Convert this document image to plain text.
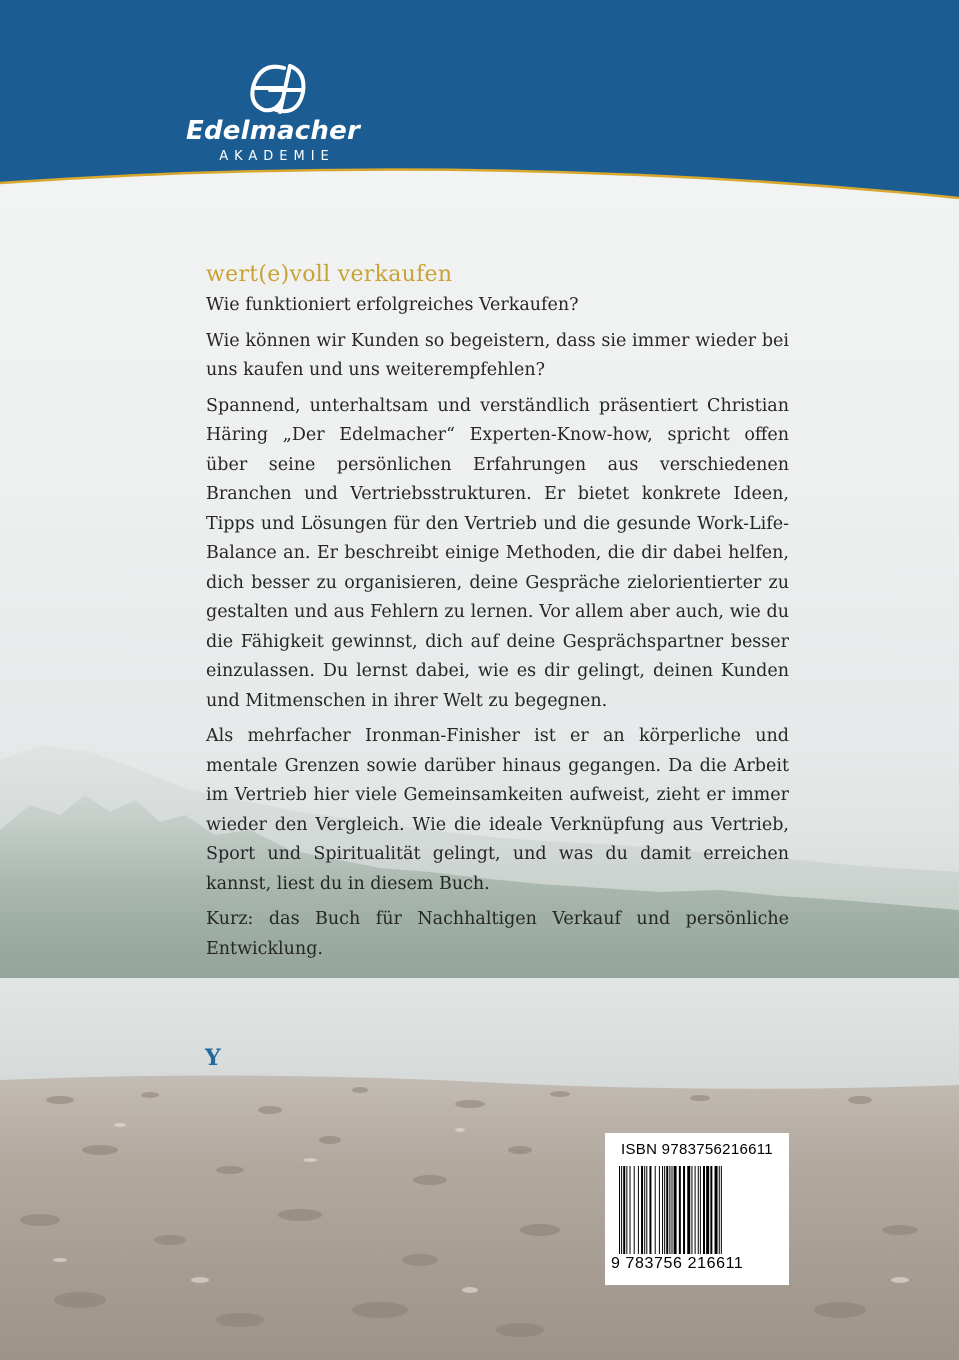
Edelmacher
AKADEMIE
wert(e)voll verkaufen

Wie funktioniert erfolgreiches Verkaufen?

Wie können wir Kunden so begeistern, dass sie immer wieder bei uns kaufen und uns weiterempfehlen?

Spannend, unterhaltsam und verständlich präsentiert Christian Häring „Der Edelmacher“ Experten-Know-how, spricht offen über seine persönlichen Erfahrungen aus verschiedenen Branchen und Vertriebsstrukturen. Er bietet konkrete Ideen, Tipps und Lösungen für den Vertrieb und die gesunde Work-Life-Balance an. Er beschreibt einige Methoden, die dir dabei helfen, dich besser zu organisieren, deine Gespräche zielorientierter zu gestalten und aus Fehlern zu lernen. Vor allem aber auch, wie du die Fähigkeit gewinnst, dich auf deine Gesprächspartner besser einzulassen. Du lernst dabei, wie es dir gelingt, deinen Kunden und Mitmenschen in ihrer Welt zu begegnen.

Als mehrfacher Ironman-Finisher ist er an körperliche und mentale Grenzen sowie darüber hinaus gegangen. Da die Arbeit im Vertrieb hier viele Gemeinsamkeiten aufweist, zieht er immer wieder den Vergleich. Wie die ideale Verknüpfung aus Vertrieb, Sport und Spiritualität gelingt, und was du damit erreichen kannst, liest du in diesem Buch.

Kurz: das Buch für Nachhaltigen Verkauf und persönliche Entwicklung.

Y
ISBN 9783756216611
9 783756 216611
